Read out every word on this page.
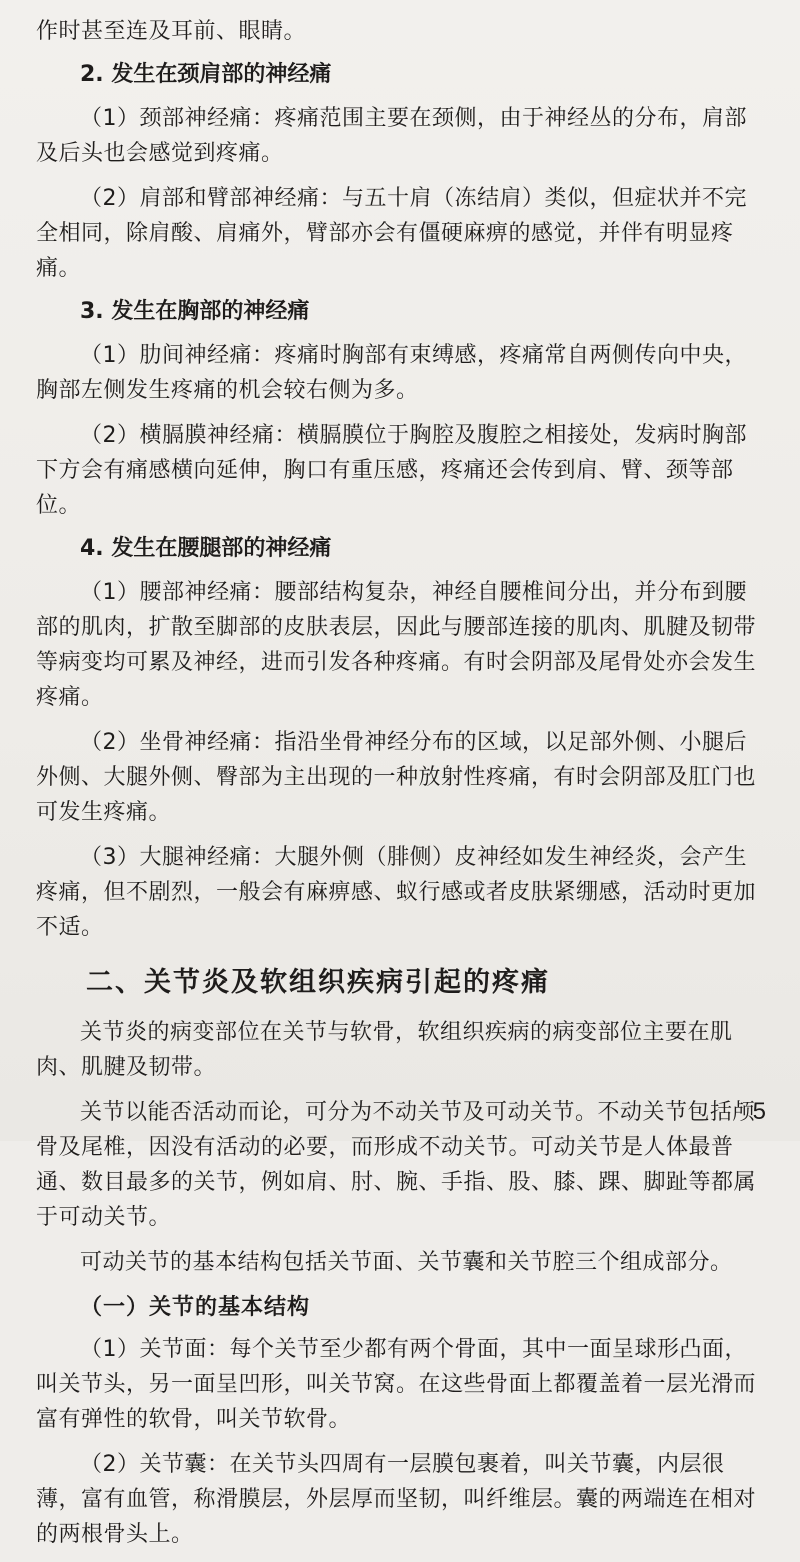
作时甚至连及耳前、眼睛。

2. 发生在颈肩部的神经痛

（1）颈部神经痛：疼痛范围主要在颈侧，由于神经丛的分布，肩部及后头也会感觉到疼痛。

（2）肩部和臂部神经痛：与五十肩（冻结肩）类似，但症状并不完全相同，除肩酸、肩痛外，臂部亦会有僵硬麻痹的感觉，并伴有明显疼痛。

3. 发生在胸部的神经痛

（1）肋间神经痛：疼痛时胸部有束缚感，疼痛常自两侧传向中央，胸部左侧发生疼痛的机会较右侧为多。

（2）横膈膜神经痛：横膈膜位于胸腔及腹腔之相接处，发病时胸部下方会有痛感横向延伸，胸口有重压感，疼痛还会传到肩、臂、颈等部位。

4. 发生在腰腿部的神经痛

（1）腰部神经痛：腰部结构复杂，神经自腰椎间分出，并分布到腰部的肌肉，扩散至脚部的皮肤表层，因此与腰部连接的肌肉、肌腱及韧带等病变均可累及神经，进而引发各种疼痛。有时会阴部及尾骨处亦会发生疼痛。

（2）坐骨神经痛：指沿坐骨神经分布的区域，以足部外侧、小腿后外侧、大腿外侧、臀部为主出现的一种放射性疼痛，有时会阴部及肛门也可发生疼痛。

（3）大腿神经痛：大腿外侧（腓侧）皮神经如发生神经炎，会产生疼痛，但不剧烈，一般会有麻痹感、蚁行感或者皮肤紧绷感，活动时更加不适。

二、关节炎及软组织疾病引起的疼痛

关节炎的病变部位在关节与软骨，软组织疾病的病变部位主要在肌肉、肌腱及韧带。

关节以能否活动而论，可分为不动关节及可动关节。不动关节包括颅骨及尾椎，因没有活动的必要，而形成不动关节。可动关节是人体最普通、数目最多的关节，例如肩、肘、腕、手指、股、膝、踝、脚趾等都属于可动关节。

可动关节的基本结构包括关节面、关节囊和关节腔三个组成部分。

（一）关节的基本结构

（1）关节面：每个关节至少都有两个骨面，其中一面呈球形凸面，叫关节头，另一面呈凹形，叫关节窝。在这些骨面上都覆盖着一层光滑而富有弹性的软骨，叫关节软骨。

（2）关节囊：在关节头四周有一层膜包裹着，叫关节囊，内层很薄，富有血管，称滑膜层，外层厚而坚韧，叫纤维层。囊的两端连在相对的两根骨头上。

5
